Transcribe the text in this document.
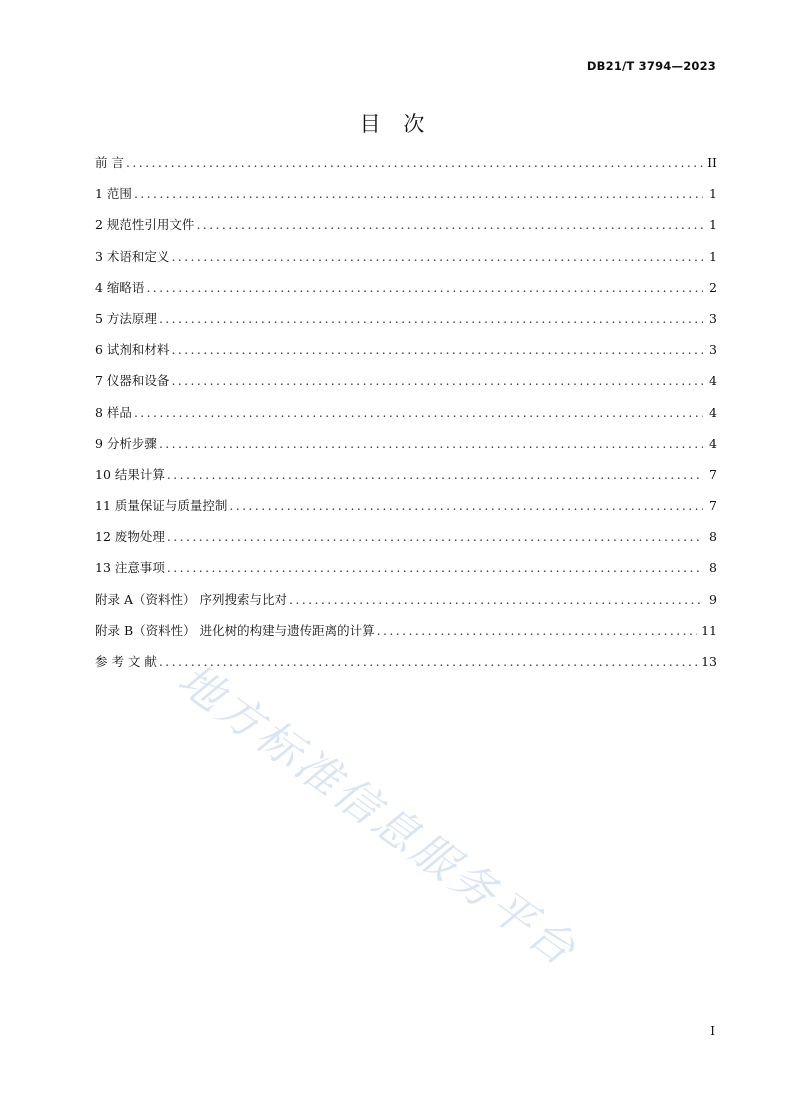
DB21/T 3794—2023
目 次
前 言 .....	II
1 范围 .....	1
2 规范性引用文件 .....	1
3 术语和定义 .....	1
4 缩略语 .....	2
5 方法原理 .....	3
6 试剂和材料 .....	3
7 仪器和设备 .....	4
8 样品 .....	4
9 分析步骤 .....	4
10 结果计算 .....	7
11 质量保证与质量控制 .....	7
12 废物处理 .....	8
13 注意事项 .....	8
附录 A（资料性） 序列搜索与比对 .....	9
附录 B（资料性） 进化树的构建与遗传距离的计算 .....	11
参 考 文 献 .....	13
地方标准信息服务平台
I
